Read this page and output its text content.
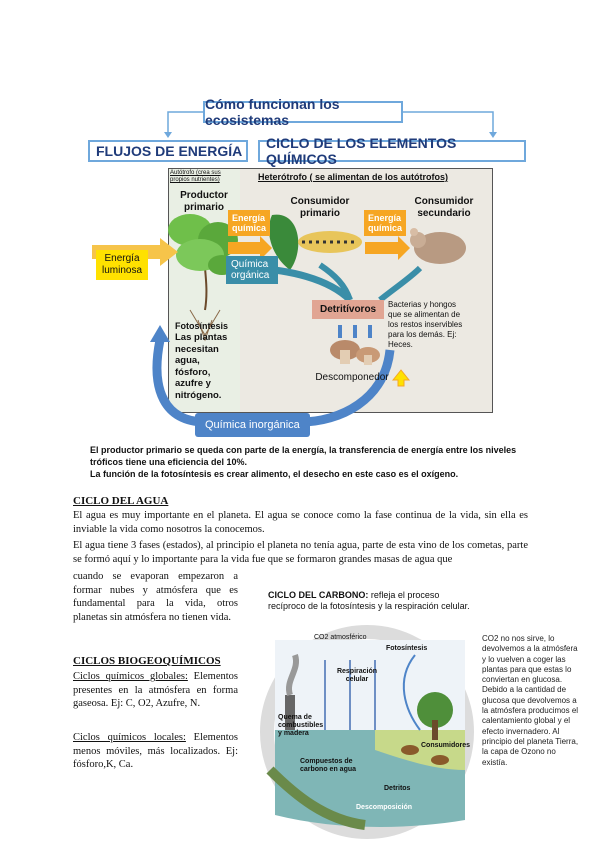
Cómo funcionan los ecosistemas
FLUJOS DE ENERGÍA	CICLO DE LOS ELEMENTOS QUÍMICOS
Autótrofo (crea sus propios nutrientes)	Heterótrofo ( se alimentan de los autótrofos)
Productor primario
Consumidor primario
Consumidor secundario
Energía química
Energía química
Energía luminosa
Química orgánica
Detritívoros	Bacterias y hongos que se alimentan de los restos inservibles para los demás. Ej: Heces.
Fotosíntesis
Las plantas necesitan agua, fósforo, azufre y nitrógeno.
Descomponedor
Química inorgánica
El productor primario se queda con parte de la energía, la transferencia de energía entre los niveles tróficos tiene una eficiencia del 10%.
La función de la fotosíntesis es crear alimento, el desecho en este caso es el oxígeno.
CICLO DEL AGUA
El agua es muy importante en el planeta. El agua se conoce como la fase continua de la vida, sin ella es inviable la vida como nosotros la conocemos.
El agua tiene 3 fases (estados), al principio el planeta no tenía agua, parte de esta vino de los cometas, parte se formó aquí y lo importante para la vida fue que se formaron grandes masas de agua que
cuando se evaporan empezaron a formar nubes y atmósfera que es fundamental para la vida, otros planetas sin atmósfera no tienen vida.
CICLOS BIOGEOQUÍMICOS
Ciclos químicos globales: Elementos presentes en la atmósfera en forma gaseosa. Ej: C, O2, Azufre, N.
Ciclos químicos locales: Elementos menos móviles, más localizados. Ej: fósforo,K, Ca.
CICLO DEL CARBONO: refleja el proceso recíproco de la fotosíntesis y la respiración celular.
CO2 atmosférico
Fotosíntesis
Respiración celular
Quema de combustibles y madera
Consumidores
Compuestos de carbono en agua
Detritos
Descomposición
CO2 no nos sirve, lo devolvemos a la atmósfera y lo vuelven a coger las plantas para que estas lo conviertan en glucosa. Debido a la cantidad de glucosa que devolvemos a la atmósfera producimos el calentamiento global y el efecto invernadero. Al principio del planeta Tierra, la capa de Ozono no existía.
